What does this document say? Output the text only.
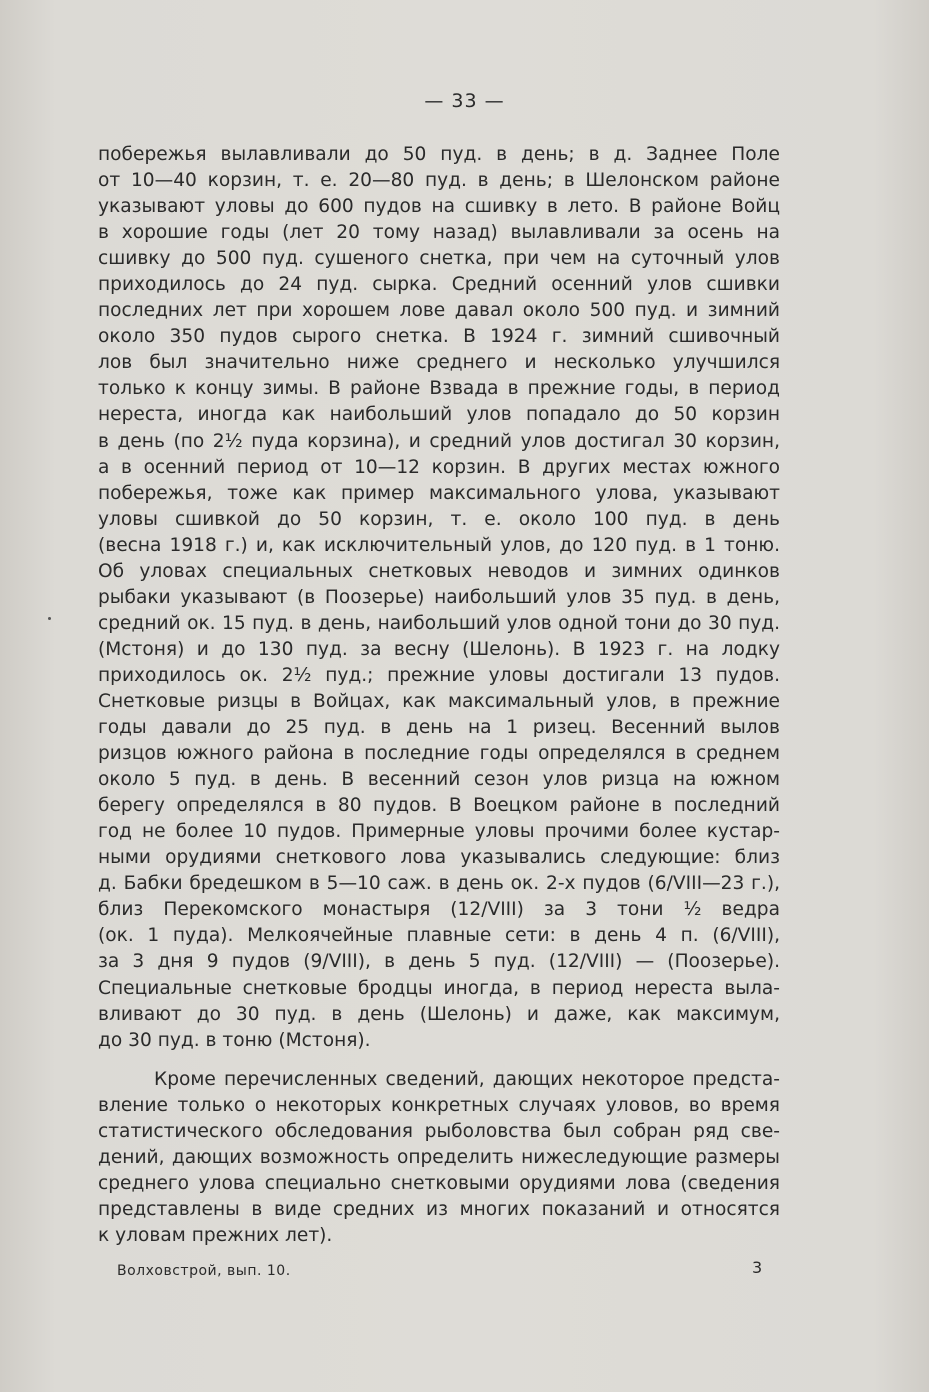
— 33 —
побережья вылавливали до 50 пуд. в день; в д. Заднее Поле
от 10—40 корзин, т. е. 20—80 пуд. в день; в Шелонском районе
указывают уловы до 600 пудов на сшивку в лето. В районе Войц
в хорошие годы (лет 20 тому назад) вылавливали за осень на
сшивку до 500 пуд. сушеного снетка, при чем на суточный улов
приходилось до 24 пуд. сырка. Средний осенний улов сшивки
последних лет при хорошем лове давал около 500 пуд. и зимний
около 350 пудов сырого снетка. В 1924 г. зимний сшивочный
лов был значительно ниже среднего и несколько улучшился
только к концу зимы. В районе Взвада в прежние годы, в период
нереста, иногда как наибольший улов попадало до 50 корзин
в день (по 2½ пуда корзина), и средний улов достигал 30 корзин,
а в осенний период от 10—12 корзин. В других местах южного
побережья, тоже как пример максимального улова, указывают
уловы сшивкой до 50 корзин, т. е. около 100 пуд. в день
(весна 1918 г.) и, как исключительный улов, до 120 пуд. в 1 тоню.
Об уловах специальных снетковых неводов и зимних одинков
рыбаки указывают (в Поозерье) наибольший улов 35 пуд. в день,
средний ок. 15 пуд. в день, наибольший улов одной тони до 30 пуд.
(Мстоня) и до 130 пуд. за весну (Шелонь). В 1923 г. на лодку
приходилось ок. 2½ пуд.; прежние уловы достигали 13 пудов.
Снетковые ризцы в Войцах, как максимальный улов, в прежние
годы давали до 25 пуд. в день на 1 ризец. Весенний вылов
ризцов южного района в последние годы определялся в среднем
около 5 пуд. в день. В весенний сезон улов ризца на южном
берегу определялся в 80 пудов. В Воецком районе в последний
год не более 10 пудов. Примерные уловы прочими более кустар-
ными орудиями снеткового лова указывались следующие: близ
д. Бабки бредешком в 5—10 саж. в день ок. 2-х пудов (6/VIII—23 г.),
близ Перекомского монастыря (12/VIII) за 3 тони ½ ведра
(ок. 1 пуда). Мелкоячейные плавные сети: в день 4 п. (6/VIII),
за 3 дня 9 пудов (9/VIII), в день 5 пуд. (12/VIII) — (Поозерье).
Специальные снетковые бродцы иногда, в период нереста выла-
вливают до 30 пуд. в день (Шелонь) и даже, как максимум,
до 30 пуд. в тоню (Мстоня).
Кроме перечисленных сведений, дающих некоторое предста-
вление только о некоторых конкретных случаях уловов, во время
статистического обследования рыболовства был собран ряд све-
дений, дающих возможность определить нижеследующие размеры
среднего улова специально снетковыми орудиями лова (сведения
представлены в виде средних из многих показаний и относятся
к уловам прежних лет).
Волховстрой, вып. 10.	3
